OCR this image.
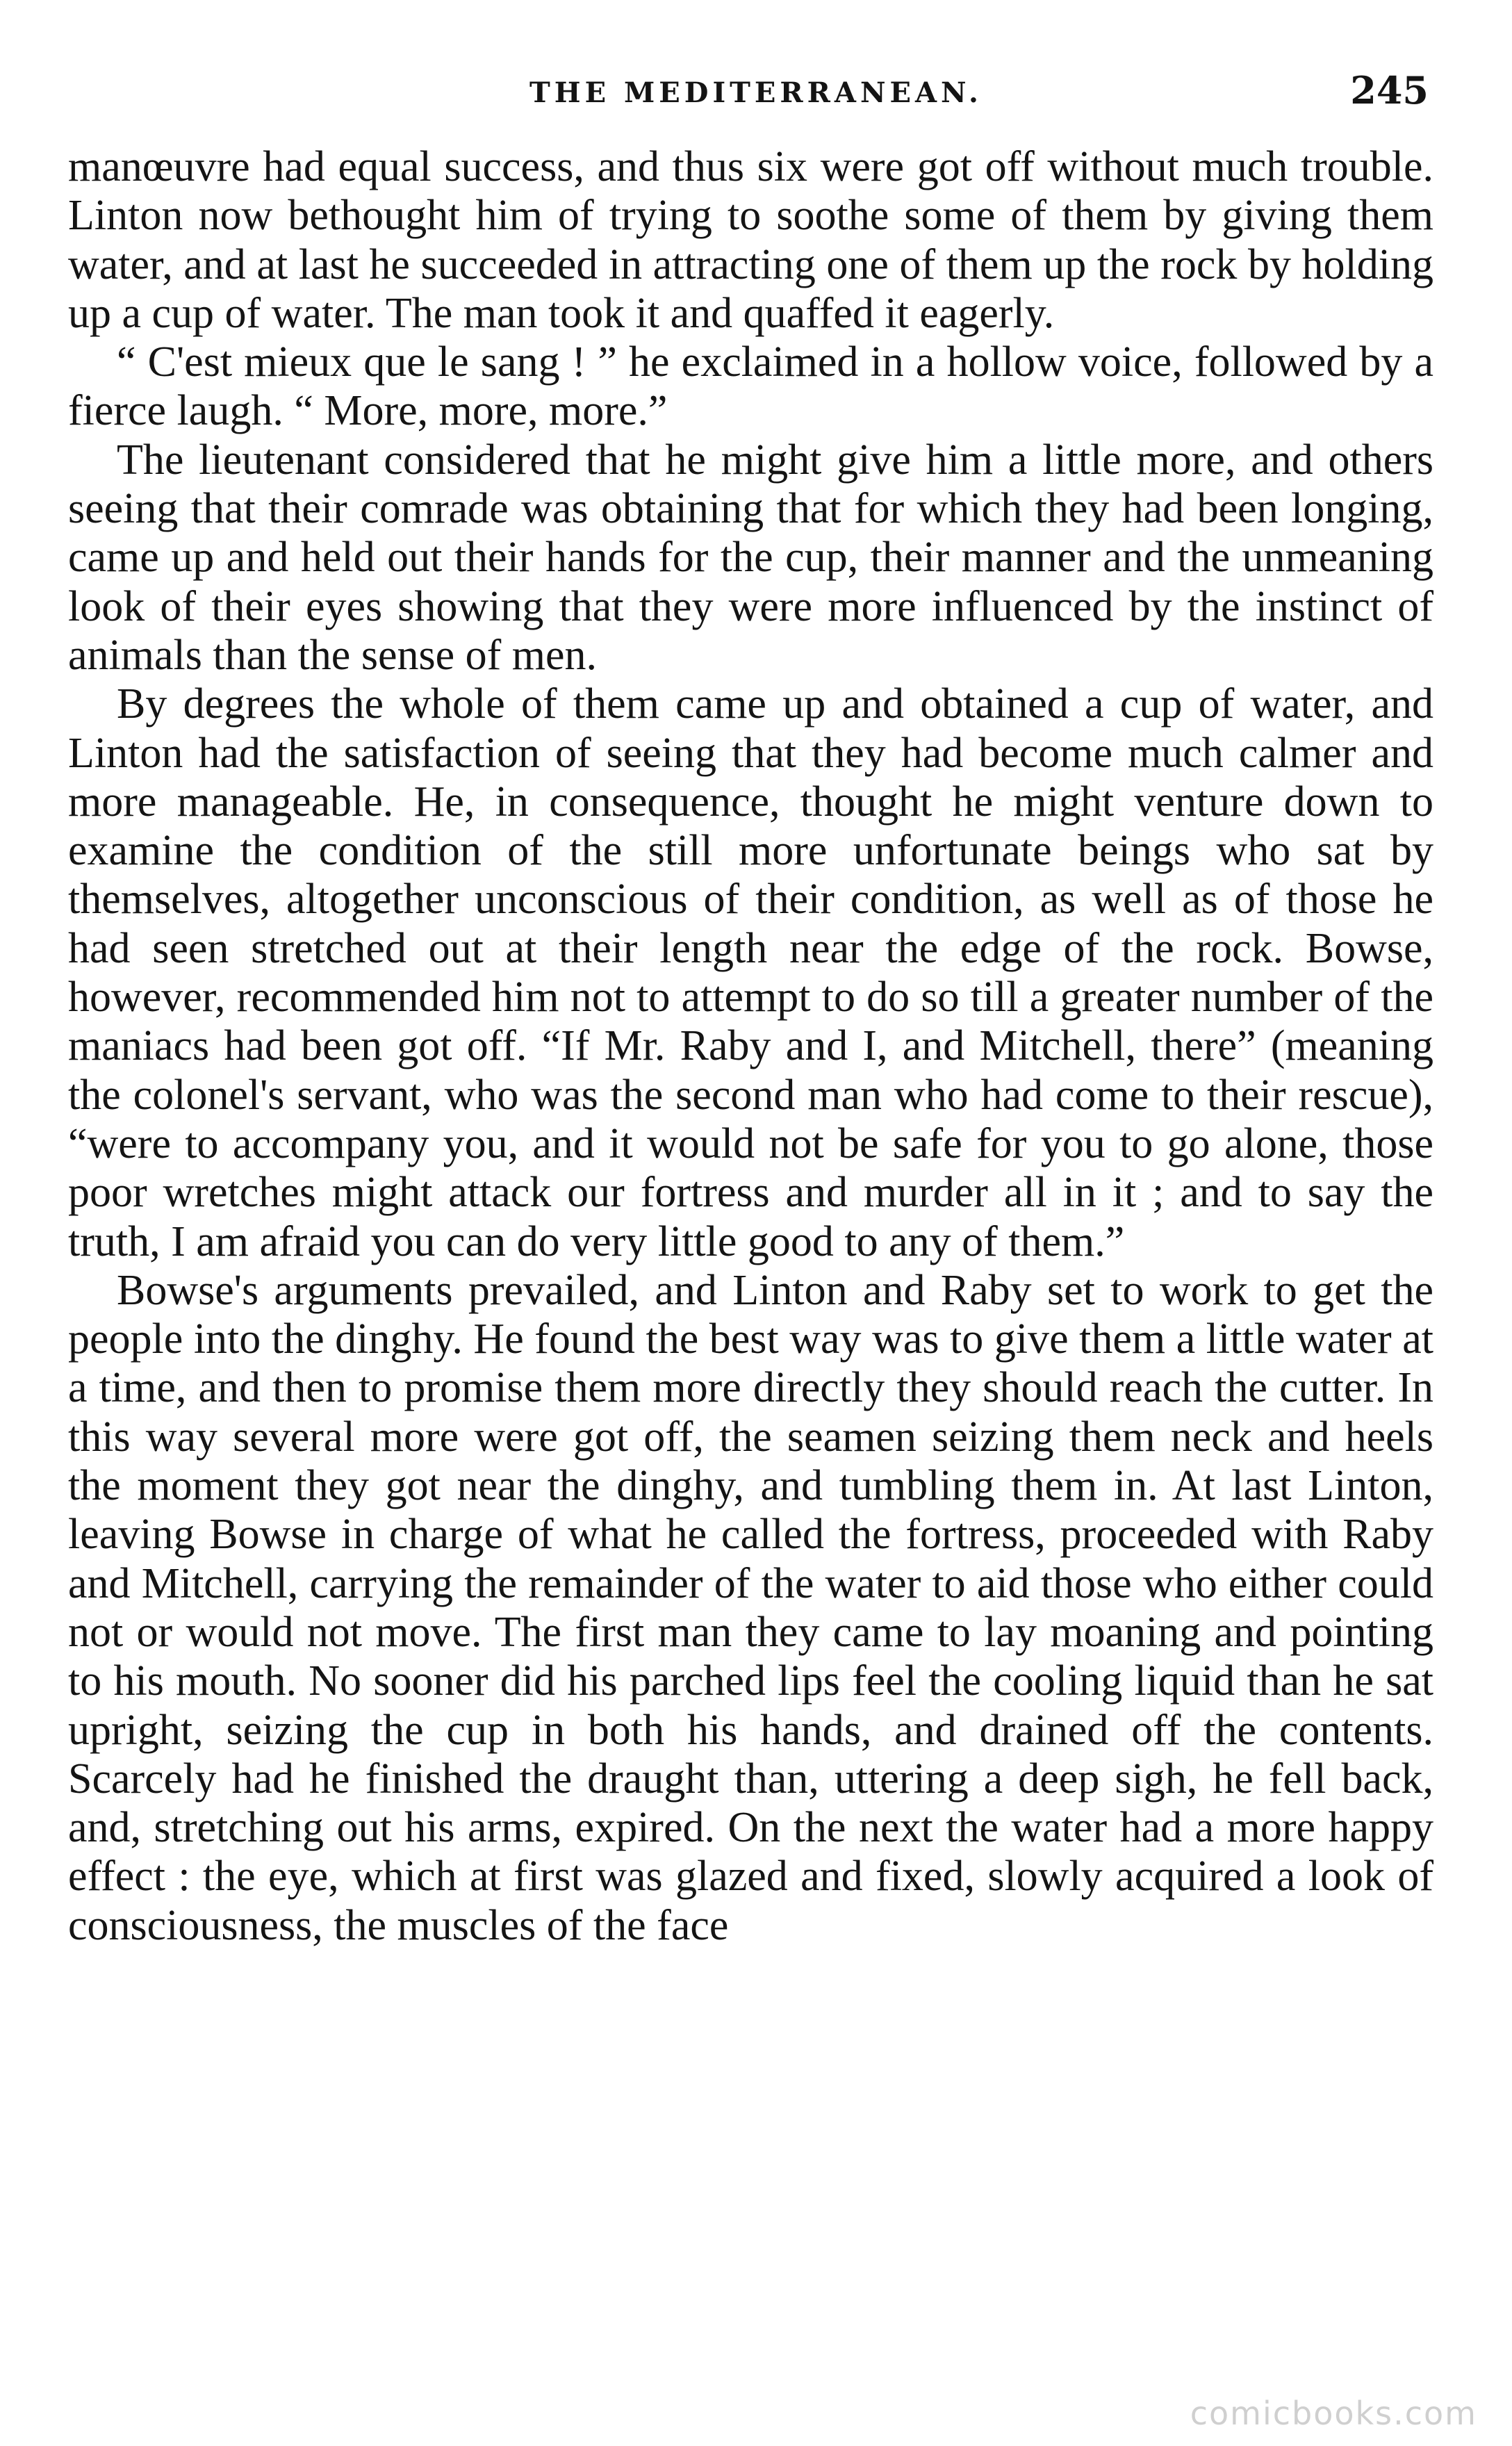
THE MEDITERRANEAN.	245

manœuvre had equal success, and thus six were got off without much trouble. Linton now bethought him of trying to soothe some of them by giving them water, and at last he succeeded in attracting one of them up the rock by holding up a cup of water. The man took it and quaffed it eagerly.

“ C'est mieux que le sang ! ” he exclaimed in a hollow voice, followed by a fierce laugh. “ More, more, more.”

The lieutenant considered that he might give him a little more, and others seeing that their comrade was obtaining that for which they had been longing, came up and held out their hands for the cup, their manner and the unmeaning look of their eyes showing that they were more influenced by the instinct of animals than the sense of men.

By degrees the whole of them came up and obtained a cup of water, and Linton had the satisfaction of seeing that they had become much calmer and more manageable. He, in consequence, thought he might venture down to examine the condition of the still more unfortunate beings who sat by themselves, altogether unconscious of their condition, as well as of those he had seen stretched out at their length near the edge of the rock. Bowse, however, recommended him not to attempt to do so till a greater number of the maniacs had been got off. “If Mr. Raby and I, and Mitchell, there” (meaning the colonel's servant, who was the second man who had come to their rescue), “were to accompany you, and it would not be safe for you to go alone, those poor wretches might attack our fortress and murder all in it ; and to say the truth, I am afraid you can do very little good to any of them.”

Bowse's arguments prevailed, and Linton and Raby set to work to get the people into the dinghy. He found the best way was to give them a little water at a time, and then to promise them more directly they should reach the cutter. In this way several more were got off, the seamen seizing them neck and heels the moment they got near the dinghy, and tumbling them in. At last Linton, leaving Bowse in charge of what he called the fortress, proceeded with Raby and Mitchell, carrying the remainder of the water to aid those who either could not or would not move. The first man they came to lay moaning and pointing to his mouth. No sooner did his parched lips feel the cooling liquid than he sat upright, seizing the cup in both his hands, and drained off the contents. Scarcely had he finished the draught than, uttering a deep sigh, he fell back, and, stretching out his arms, expired. On the next the water had a more happy effect : the eye, which at first was glazed and fixed, slowly acquired a look of consciousness, the muscles of the face

comicbooks.com
